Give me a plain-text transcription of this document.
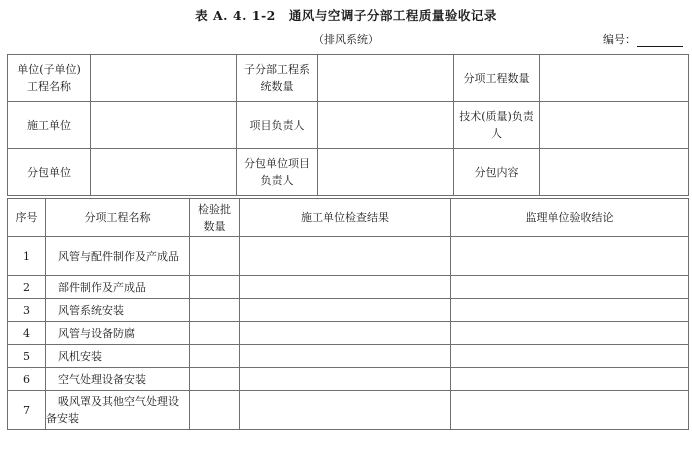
表 A. 4. 1-2　通风与空调子分部工程质量验收记录
（排风系统）	编号：
单位(子单位)工程名称		子分部工程系统数量		分项工程数量	
施工单位		项目负责人		技术(质量)负责人	
分包单位		分包单位项目负责人		分包内容	
序号	分项工程名称	检验批数量	施工单位检查结果	监理单位验收结论
1	风管与配件制作及产成品			
2	部件制作及产成品			
3	风管系统安装			
4	风管与设备防腐			
5	风机安装			
6	空气处理设备安装			
7	吸风罩及其他空气处理设备安装			
